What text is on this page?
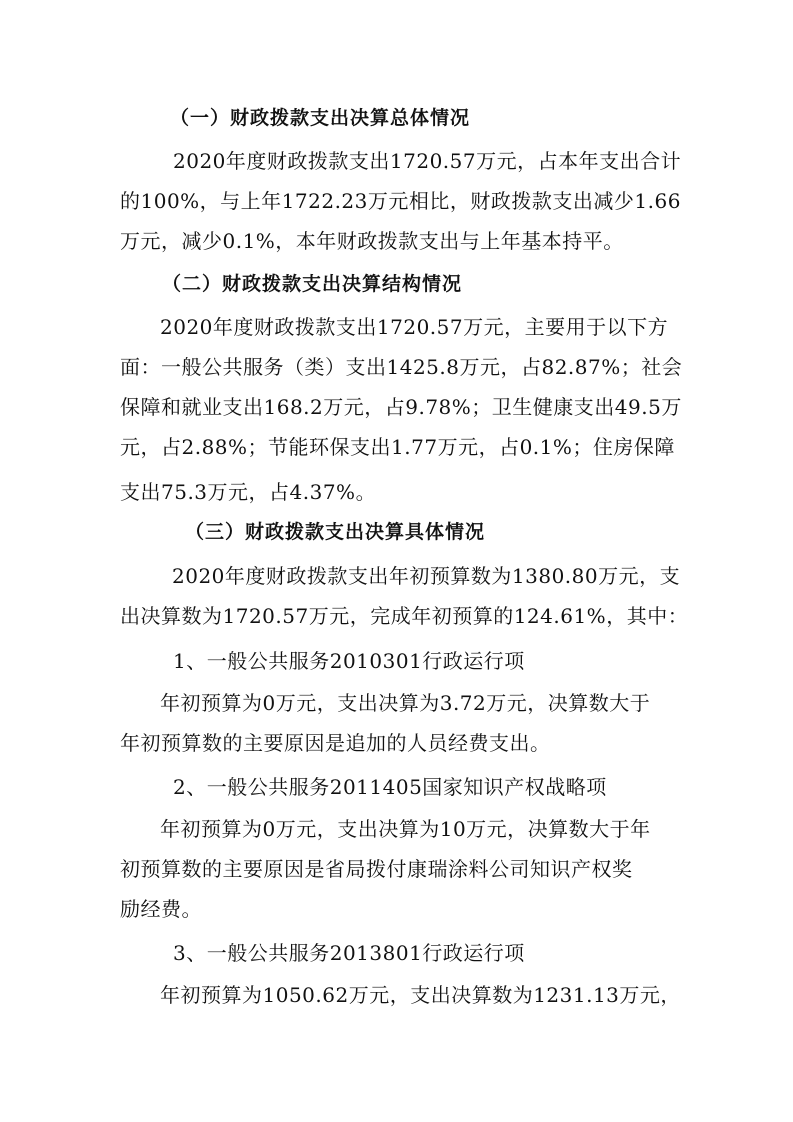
（一）财政拨款支出决算总体情况
2020年度财政拨款支出1720.57万元，占本年支出合计
的100%，与上年1722.23万元相比，财政拨款支出减少1.66
万元，减少0.1%，本年财政拨款支出与上年基本持平。
（二）财政拨款支出决算结构情况
2020年度财政拨款支出1720.57万元，主要用于以下方
面：一般公共服务（类）支出1425.8万元，占82.87%；社会
保障和就业支出168.2万元，占9.78%；卫生健康支出49.5万
元，占2.88%；节能环保支出1.77万元，占0.1%；住房保障
支出75.3万元，占4.37%。
（三）财政拨款支出决算具体情况
2020年度财政拨款支出年初预算数为1380.80万元，支
出决算数为1720.57万元，完成年初预算的124.61%，其中：
1、一般公共服务2010301行政运行项
年初预算为0万元，支出决算为3.72万元，决算数大于
年初预算数的主要原因是追加的人员经费支出。
2、一般公共服务2011405国家知识产权战略项
年初预算为0万元，支出决算为10万元，决算数大于年
初预算数的主要原因是省局拨付康瑞涂料公司知识产权奖
励经费。
3、一般公共服务2013801行政运行项
年初预算为1050.62万元，支出决算数为1231.13万元，
